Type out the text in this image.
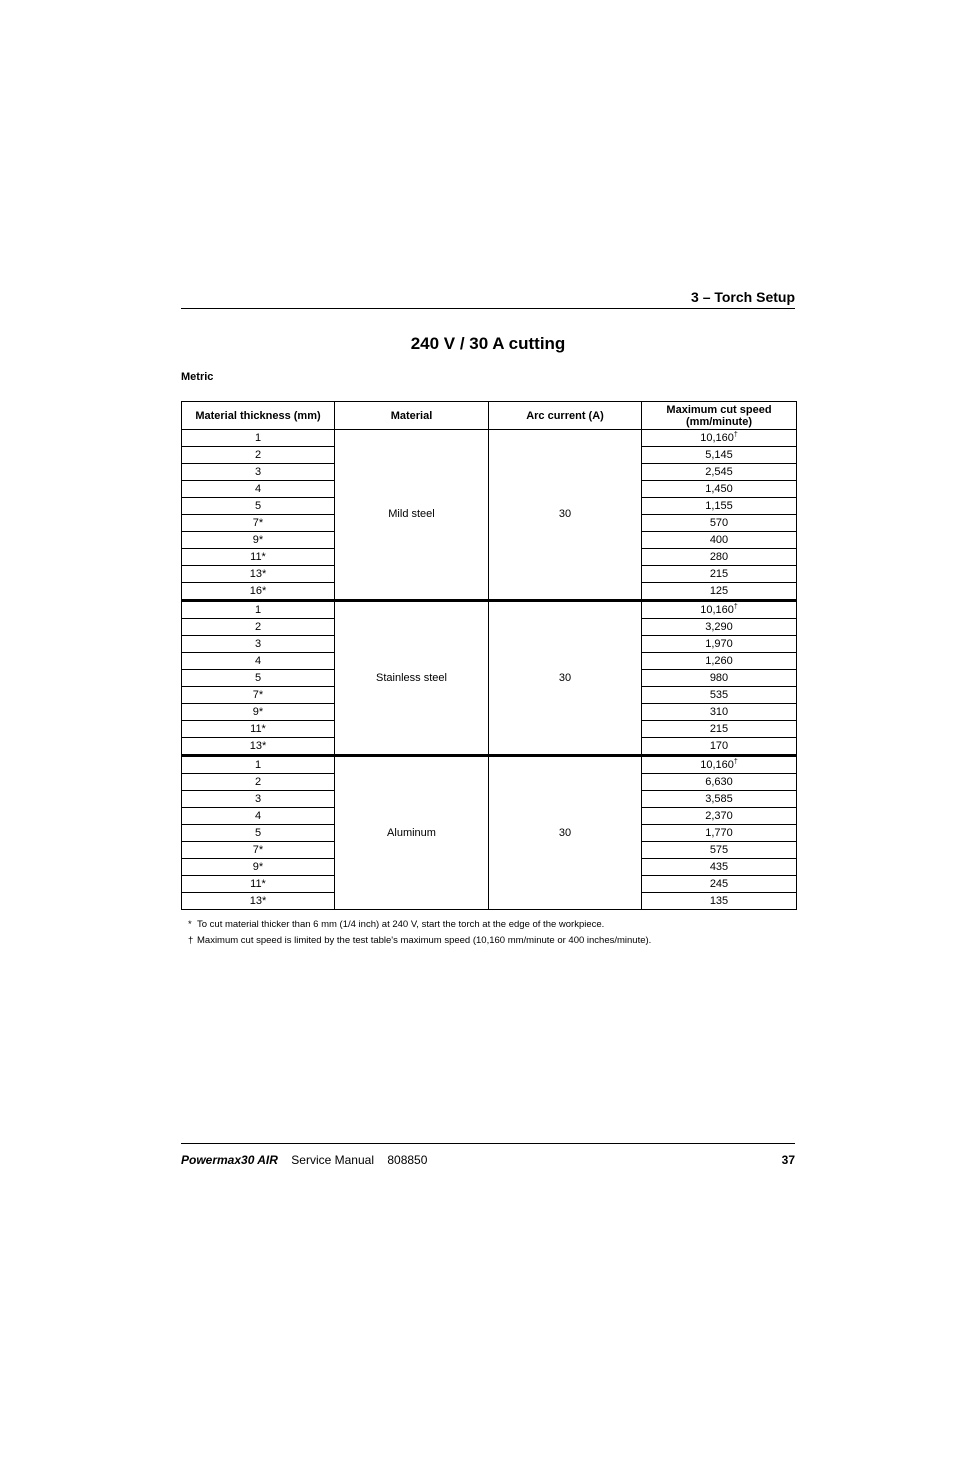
3 – Torch Setup
240 V / 30 A cutting
Metric
Material thickness (mm)	Material	Arc current (A)	Maximum cut speed (mm/minute)
1	Mild steel	30	10,160†
2			5,145
3			2,545
4			1,450
5			1,155
7*			570
9*			400
11*			280
13*			215
16*			125
1	Stainless steel	30	10,160†
2			3,290
3			1,970
4			1,260
5			980
7*			535
9*			310
11*			215
13*			170
1	Aluminum	30	10,160†
2			6,630
3			3,585
4			2,370
5			1,770
7*			575
9*			435
11*			245
13*			135
* To cut material thicker than 6 mm (1/4 inch) at 240 V, start the torch at the edge of the workpiece.
† Maximum cut speed is limited by the test table's maximum speed (10,160 mm/minute or 400 inches/minute).
Powermax30 AIR Service Manual 808850	37
